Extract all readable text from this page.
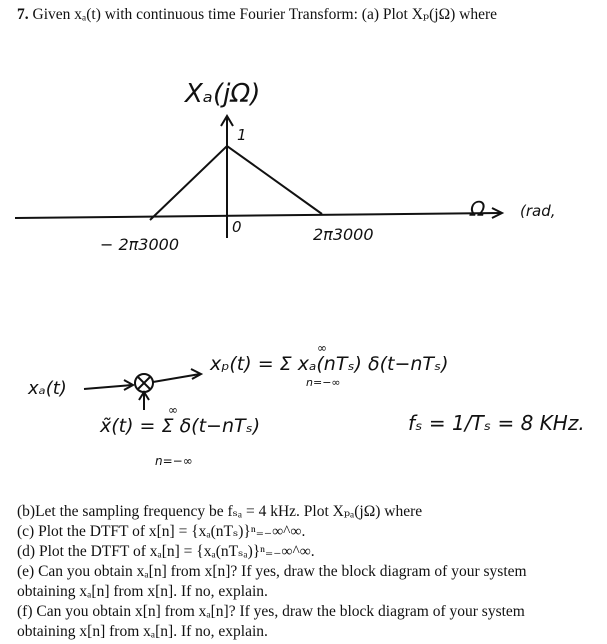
7. Given xₐ(t) with continuous time Fourier Transform: (a) Plot Xₚ(jΩ) where
Xₐ(jΩ)
1
0
− 2π3000
2π3000
Ω (rad,
xₐ(t)
xₚ(t) = Σ xₐ(nTₛ) δ(t−nTₛ)
∞
n=−∞
x̃(t) = Σ δ(t−nTₛ)
∞
n=−∞
fₛ = 1/Tₛ = 8 KHz.
(b)Let the sampling frequency be fₛₐ = 4 kHz. Plot Xₚₐ(jΩ) where
(c) Plot the DTFT of x[n] = {xₐ(nTₛ)}ⁿ₌₋∞^∞.
(d) Plot the DTFT of xₐ[n] = {xₐ(nTₛₐ)}ⁿ₌₋∞^∞.
(e) Can you obtain xₐ[n] from x[n]? If yes, draw the block diagram of your system
obtaining xₐ[n] from x[n]. If no, explain.
(f) Can you obtain x[n] from xₐ[n]? If yes, draw the block diagram of your system
obtaining x[n] from xₐ[n]. If no, explain.
